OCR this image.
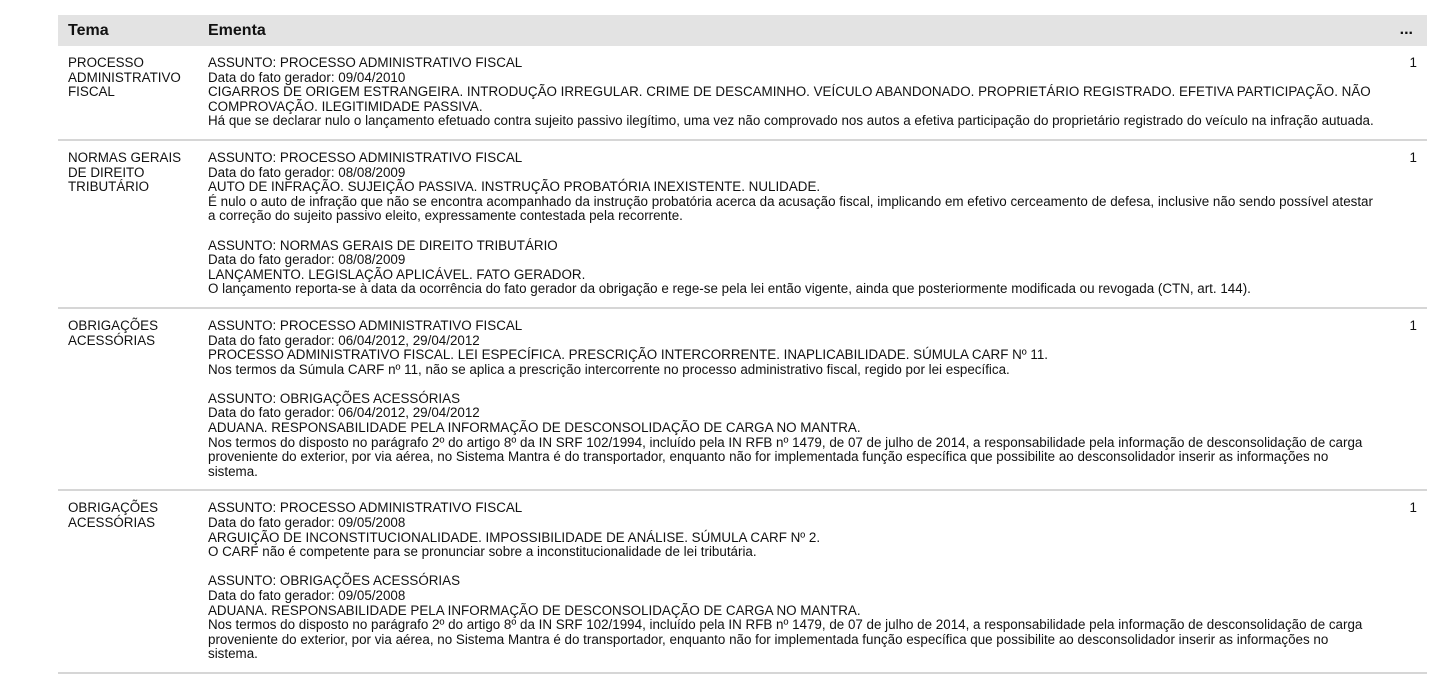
Tema	Ementa	...
PROCESSO
ADMINISTRATIVO
FISCAL
1
ASSUNTO: PROCESSO ADMINISTRATIVO FISCAL
Data do fato gerador: 09/04/2010
CIGARROS DE ORIGEM ESTRANGEIRA. INTRODUÇÃO IRREGULAR. CRIME DE DESCAMINHO. VEÍCULO ABANDONADO. PROPRIETÁRIO REGISTRADO. EFETIVA PARTICIPAÇÃO. NÃO COMPROVAÇÃO. ILEGITIMIDADE PASSIVA.
Há que se declarar nulo o lançamento efetuado contra sujeito passivo ilegítimo, uma vez não comprovado nos autos a efetiva participação do proprietário registrado do veículo na infração autuada.
NORMAS GERAIS
DE DIREITO
TRIBUTÁRIO
1
ASSUNTO: PROCESSO ADMINISTRATIVO FISCAL
Data do fato gerador: 08/08/2009
AUTO DE INFRAÇÃO. SUJEIÇÃO PASSIVA. INSTRUÇÃO PROBATÓRIA INEXISTENTE. NULIDADE.
É nulo o auto de infração que não se encontra acompanhado da instrução probatória acerca da acusação fiscal, implicando em efetivo cerceamento de defesa, inclusive não sendo possível atestar a correção do sujeito passivo eleito, expressamente contestada pela recorrente.
ASSUNTO: NORMAS GERAIS DE DIREITO TRIBUTÁRIO
Data do fato gerador: 08/08/2009
LANÇAMENTO. LEGISLAÇÃO APLICÁVEL. FATO GERADOR.
O lançamento reporta-se à data da ocorrência do fato gerador da obrigação e rege-se pela lei então vigente, ainda que posteriormente modificada ou revogada (CTN, art. 144).
OBRIGAÇÕES
ACESSÓRIAS
1
ASSUNTO: PROCESSO ADMINISTRATIVO FISCAL
Data do fato gerador: 06/04/2012, 29/04/2012
PROCESSO ADMINISTRATIVO FISCAL. LEI ESPECÍFICA. PRESCRIÇÃO INTERCORRENTE. INAPLICABILIDADE. SÚMULA CARF Nº 11.
Nos termos da Súmula CARF nº 11, não se aplica a prescrição intercorrente no processo administrativo fiscal, regido por lei específica.
ASSUNTO: OBRIGAÇÕES ACESSÓRIAS
Data do fato gerador: 06/04/2012, 29/04/2012
ADUANA. RESPONSABILIDADE PELA INFORMAÇÃO DE DESCONSOLIDAÇÃO DE CARGA NO MANTRA.
Nos termos do disposto no parágrafo 2º do artigo 8º da IN SRF 102/1994, incluído pela IN RFB nº 1479, de 07 de julho de 2014, a responsabilidade pela informação de desconsolidação de carga proveniente do exterior, por via aérea, no Sistema Mantra é do transportador, enquanto não for implementada função específica que possibilite ao desconsolidador inserir as informações no sistema.
OBRIGAÇÕES
ACESSÓRIAS
1
ASSUNTO: PROCESSO ADMINISTRATIVO FISCAL
Data do fato gerador: 09/05/2008
ARGUIÇÃO DE INCONSTITUCIONALIDADE. IMPOSSIBILIDADE DE ANÁLISE. SÚMULA CARF Nº 2.
O CARF não é competente para se pronunciar sobre a inconstitucionalidade de lei tributária.
ASSUNTO: OBRIGAÇÕES ACESSÓRIAS
Data do fato gerador: 09/05/2008
ADUANA. RESPONSABILIDADE PELA INFORMAÇÃO DE DESCONSOLIDAÇÃO DE CARGA NO MANTRA.
Nos termos do disposto no parágrafo 2º do artigo 8º da IN SRF 102/1994, incluído pela IN RFB nº 1479, de 07 de julho de 2014, a responsabilidade pela informação de desconsolidação de carga proveniente do exterior, por via aérea, no Sistema Mantra é do transportador, enquanto não for implementada função específica que possibilite ao desconsolidador inserir as informações no sistema.
